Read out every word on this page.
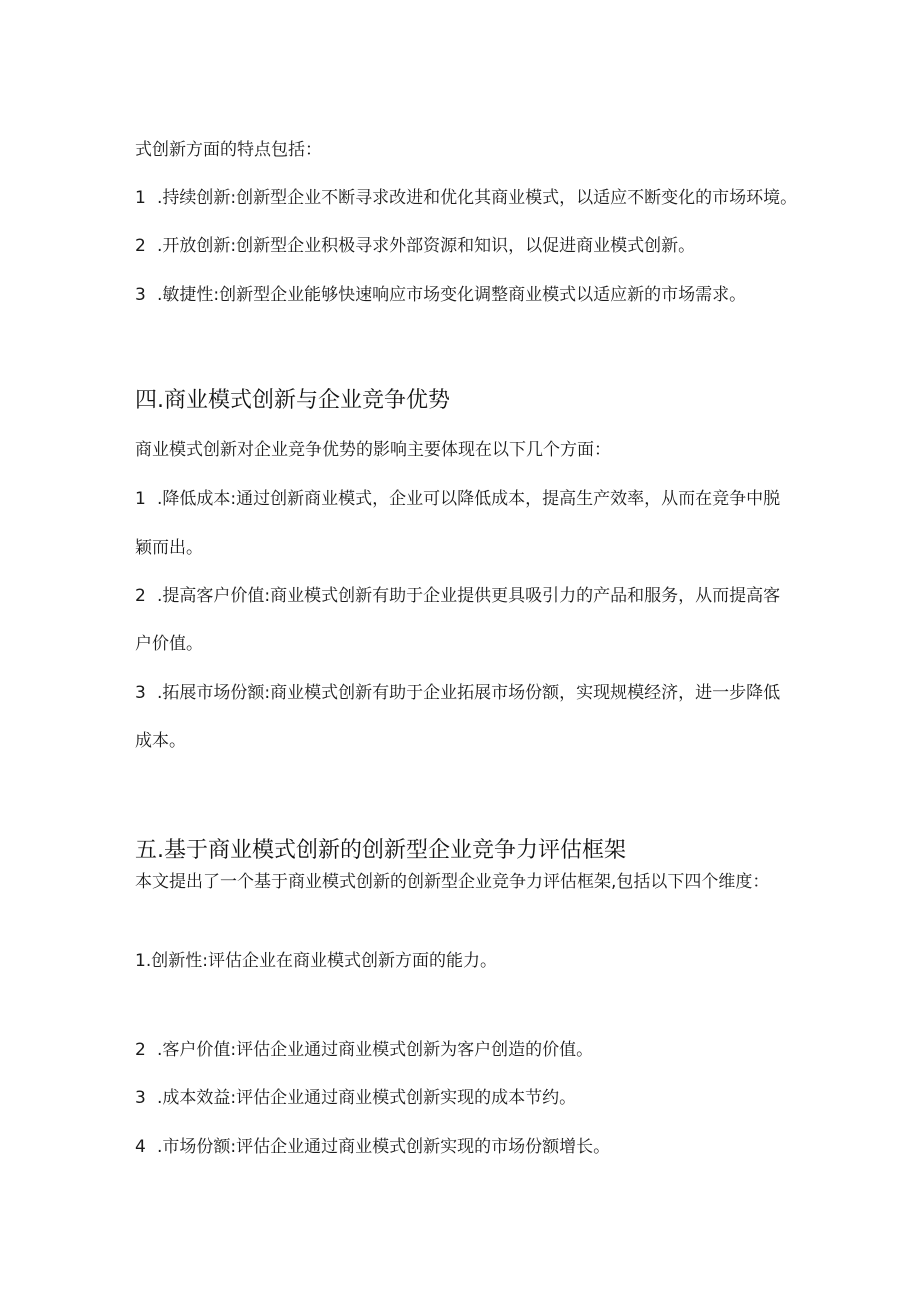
式创新方面的特点包括：
1 .持续创新:创新型企业不断寻求改进和优化其商业模式，以适应不断变化的市场环境。
2 .开放创新:创新型企业积极寻求外部资源和知识，以促进商业模式创新。
3 .敏捷性:创新型企业能够快速响应市场变化调整商业模式以适应新的市场需求。
四.商业模式创新与企业竞争优势
商业模式创新对企业竞争优势的影响主要体现在以下几个方面：
1 .降低成本:通过创新商业模式，企业可以降低成本，提高生产效率，从而在竞争中脱
颖而出。
2 .提高客户价值:商业模式创新有助于企业提供更具吸引力的产品和服务，从而提高客
户价值。
3 .拓展市场份额:商业模式创新有助于企业拓展市场份额，实现规模经济，进一步降低
成本。
五.基于商业模式创新的创新型企业竞争力评估框架
本文提出了一个基于商业模式创新的创新型企业竞争力评估框架,包括以下四个维度：
1.创新性:评估企业在商业模式创新方面的能力。
2 .客户价值:评估企业通过商业模式创新为客户创造的价值。
3 .成本效益:评估企业通过商业模式创新实现的成本节约。
4 .市场份额:评估企业通过商业模式创新实现的市场份额增长。
